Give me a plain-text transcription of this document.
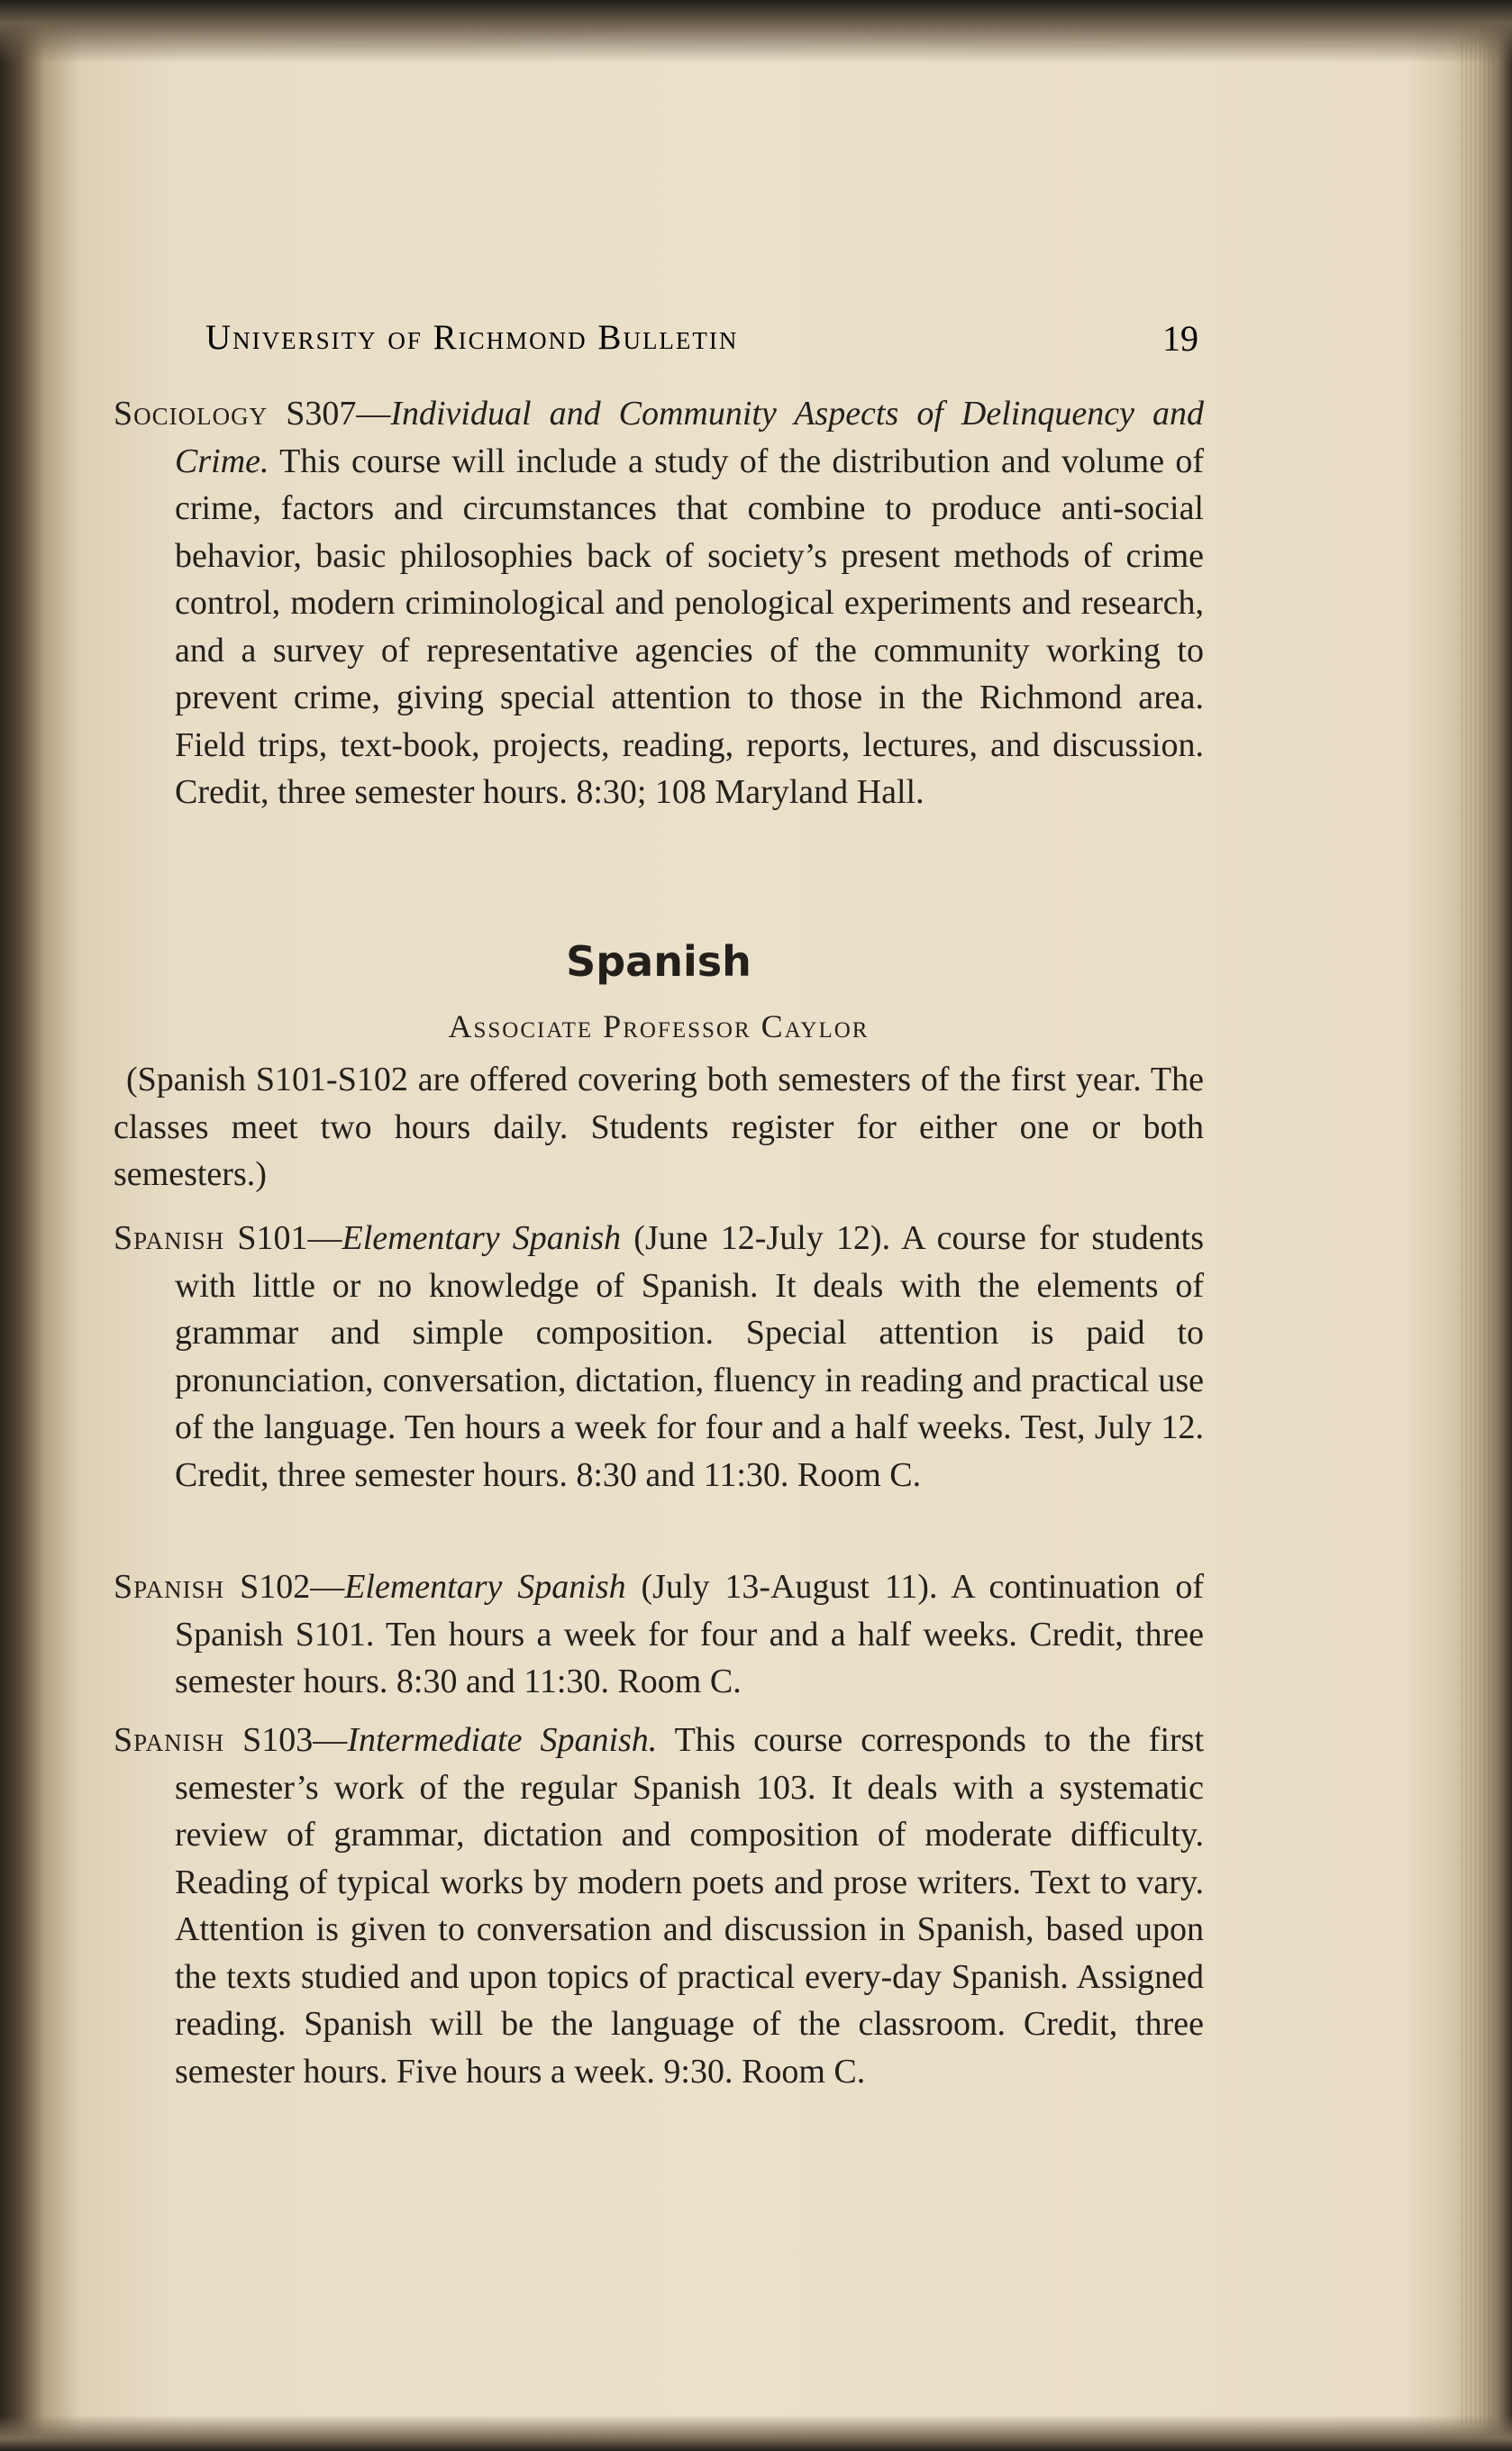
University of Richmond Bulletin	19
Sociology S307—Individual and Community Aspects of Delinquency and Crime. This course will include a study of the distribution and volume of crime, factors and circumstances that combine to produce anti-social behavior, basic philosophies back of society’s present methods of crime control, modern criminological and penological experiments and research, and a survey of representative agencies of the community working to prevent crime, giving special attention to those in the Richmond area. Field trips, text-book, projects, reading, reports, lectures, and discussion. Credit, three semester hours. 8:30; 108 Maryland Hall.
Spanish
Associate Professor Caylor
(Spanish S101-S102 are offered covering both semesters of the first year. The classes meet two hours daily. Students register for either one or both semesters.)
Spanish S101—Elementary Spanish (June 12-July 12). A course for students with little or no knowledge of Spanish. It deals with the elements of grammar and simple composition. Special attention is paid to pronunciation, conversation, dictation, fluency in reading and practical use of the language. Ten hours a week for four and a half weeks. Test, July 12. Credit, three semester hours. 8:30 and 11:30. Room C.
Spanish S102—Elementary Spanish (July 13-August 11). A continuation of Spanish S101. Ten hours a week for four and a half weeks. Credit, three semester hours. 8:30 and 11:30. Room C.
Spanish S103—Intermediate Spanish. This course corresponds to the first semester’s work of the regular Spanish 103. It deals with a systematic review of grammar, dictation and composition of moderate difficulty. Reading of typical works by modern poets and prose writers. Text to vary. Attention is given to conversation and discussion in Spanish, based upon the texts studied and upon topics of practical every-day Spanish. Assigned reading. Spanish will be the language of the classroom. Credit, three semester hours. Five hours a week. 9:30. Room C.
